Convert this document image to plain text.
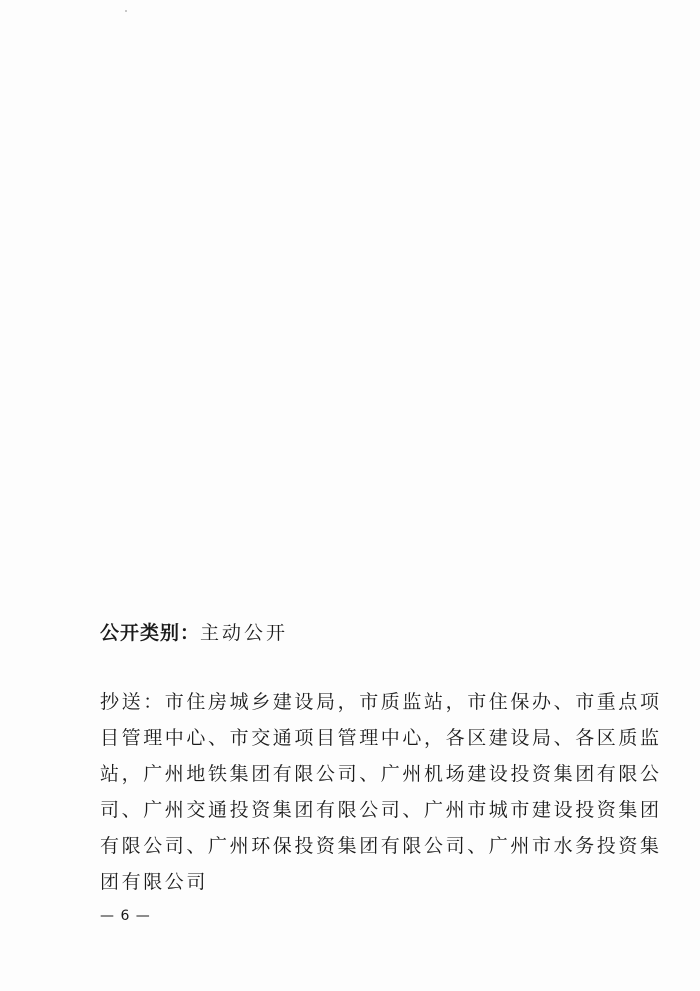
公开类别：主动公开
抄送：市住房城乡建设局，市质监站，市住保办、市重点项
目管理中心、市交通项目管理中心，各区建设局、各区质监
站，广州地铁集团有限公司、广州机场建设投资集团有限公
司、广州交通投资集团有限公司、广州市城市建设投资集团
有限公司、广州环保投资集团有限公司、广州市水务投资集
团有限公司
— 6 —
